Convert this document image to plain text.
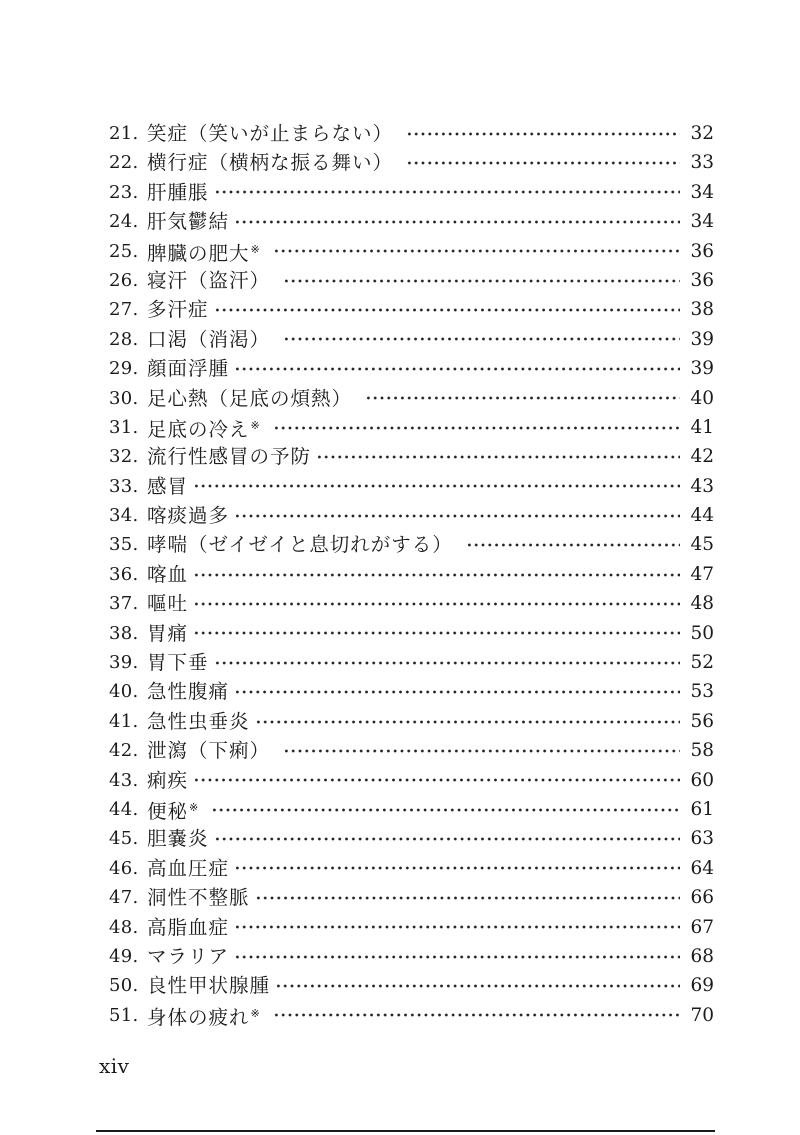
21. 笑症（笑いが止まらない）	32
22. 横行症（横柄な振る舞い）	33
23. 肝腫脹	34
24. 肝気鬱結	34
25. 脾臓の肥大※	36
26. 寝汗（盗汗）	36
27. 多汗症	38
28. 口渇（消渇）	39
29. 顔面浮腫	39
30. 足心熱（足底の煩熱）	40
31. 足底の冷え※	41
32. 流行性感冒の予防	42
33. 感冒	43
34. 喀痰過多	44
35. 哮喘（ゼイゼイと息切れがする）	45
36. 喀血	47
37. 嘔吐	48
38. 胃痛	50
39. 胃下垂	52
40. 急性腹痛	53
41. 急性虫垂炎	56
42. 泄瀉（下痢）	58
43. 痢疾	60
44. 便秘※	61
45. 胆嚢炎	63
46. 高血圧症	64
47. 洞性不整脈	66
48. 高脂血症	67
49. マラリア	68
50. 良性甲状腺腫	69
51. 身体の疲れ※	70
xiv
